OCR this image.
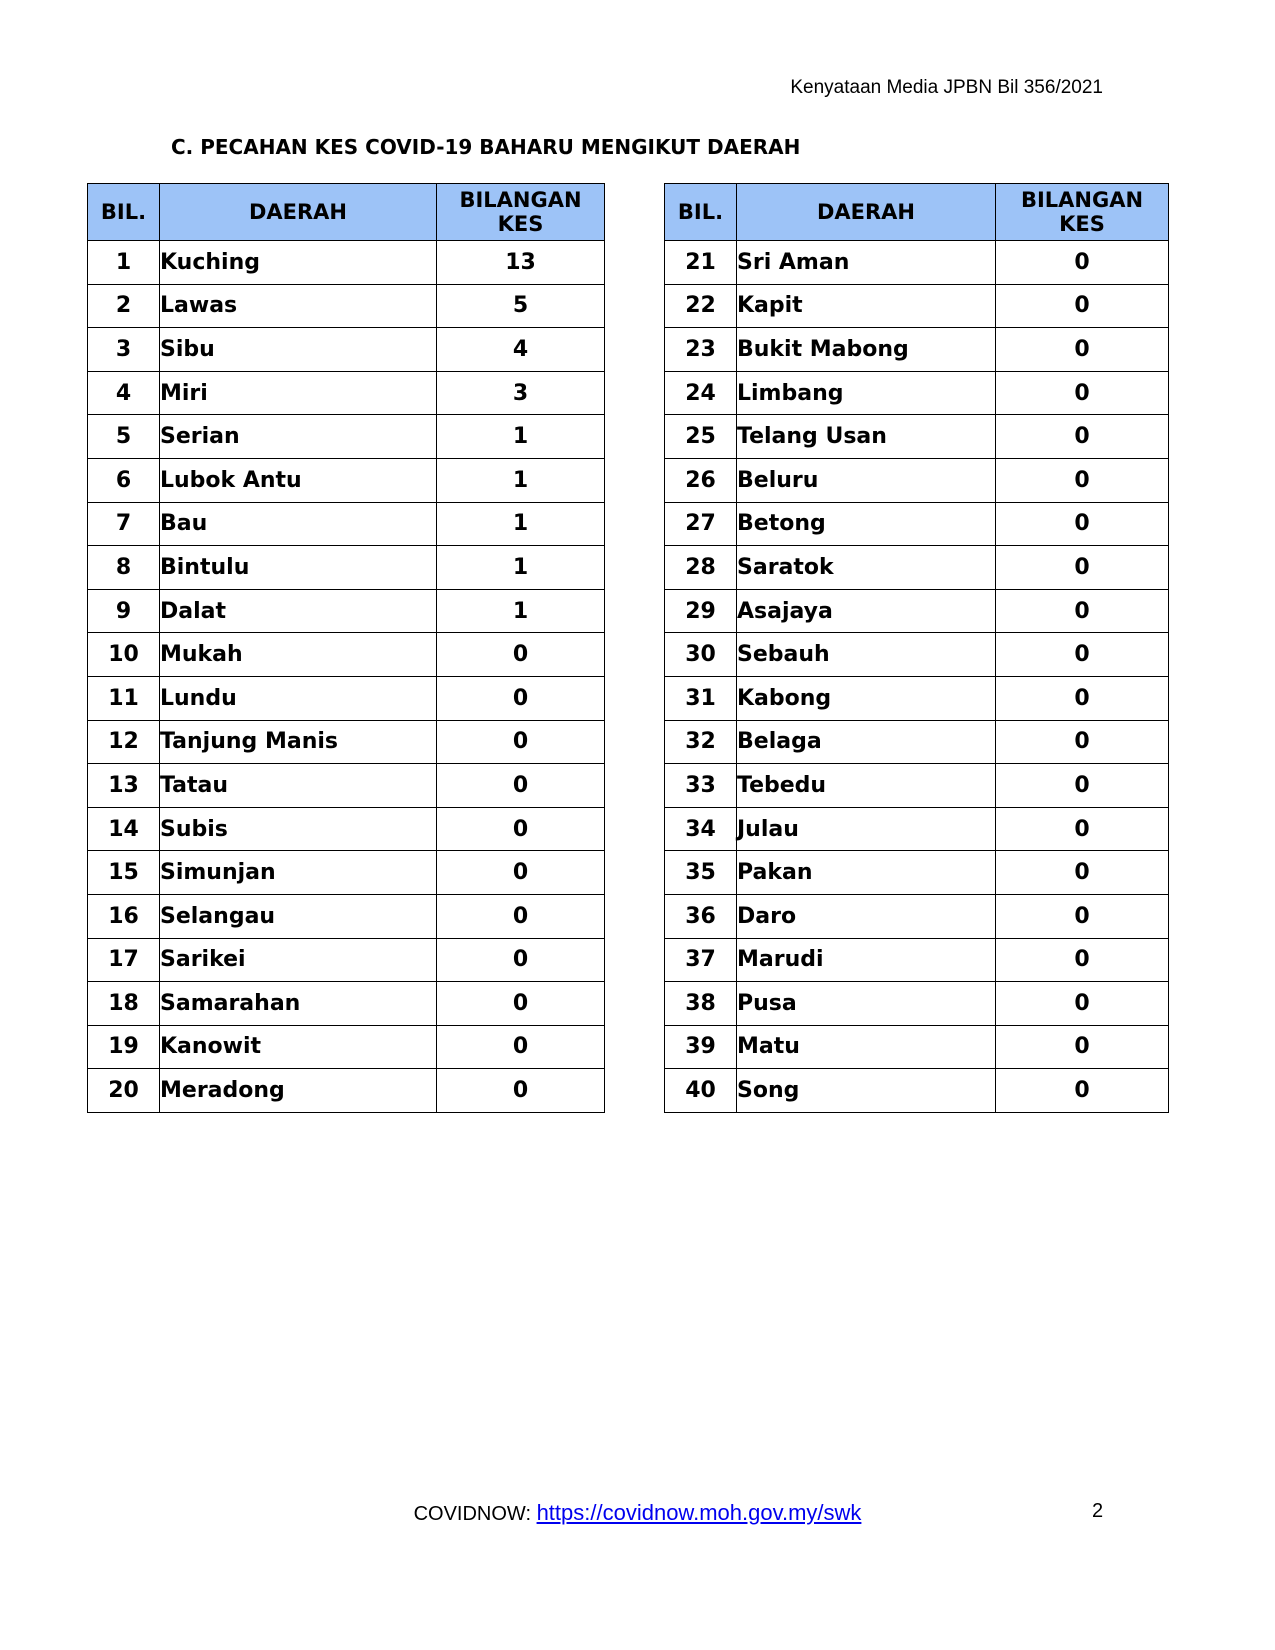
Kenyataan Media JPBN Bil 356/2021
C. PECAHAN KES COVID-19 BAHARU MENGIKUT DAERAH
BIL.	DAERAH	BILANGAN
KES
1	Kuching	13
2	Lawas	5
3	Sibu	4
4	Miri	3
5	Serian	1
6	Lubok Antu	1
7	Bau	1
8	Bintulu	1
9	Dalat	1
10	Mukah	0
11	Lundu	0
12	Tanjung Manis	0
13	Tatau	0
14	Subis	0
15	Simunjan	0
16	Selangau	0
17	Sarikei	0
18	Samarahan	0
19	Kanowit	0
20	Meradong	0
BIL.	DAERAH	BILANGAN
KES
21	Sri Aman	0
22	Kapit	0
23	Bukit Mabong	0
24	Limbang	0
25	Telang Usan	0
26	Beluru	0
27	Betong	0
28	Saratok	0
29	Asajaya	0
30	Sebauh	0
31	Kabong	0
32	Belaga	0
33	Tebedu	0
34	Julau	0
35	Pakan	0
36	Daro	0
37	Marudi	0
38	Pusa	0
39	Matu	0
40	Song	0
COVIDNOW: https://covidnow.moh.gov.my/swk	2
